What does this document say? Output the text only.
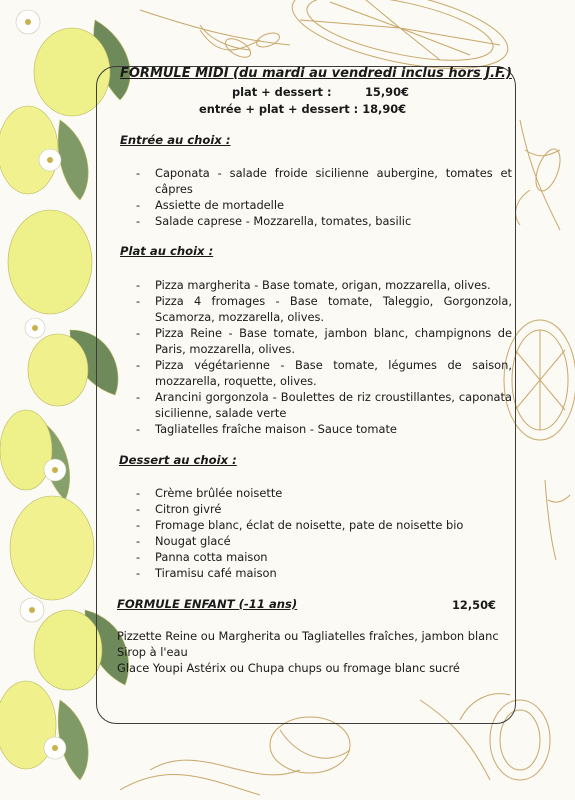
FORMULE MIDI (du mardi au vendredi inclus hors J.F.)
plat + dessert :	15,90€
entrée + plat + dessert : 18,90€
Entrée au choix :
- Caponata - salade froide sicilienne aubergine, tomates et câpres
- Assiette de mortadelle
- Salade caprese - Mozzarella, tomates, basilic
Plat au choix :
- Pizza margherita - Base tomate, origan, mozzarella, olives.
- Pizza 4 fromages - Base tomate, Taleggio, Gorgonzola, Scamorza, mozzarella, olives.
- Pizza Reine - Base tomate, jambon blanc, champignons de Paris, mozzarella, olives.
- Pizza végétarienne - Base tomate, légumes de saison, mozzarella, roquette, olives.
- Arancini gorgonzola - Boulettes de riz croustillantes, caponata sicilienne, salade verte
- Tagliatelles fraîche maison - Sauce tomate
Dessert au choix :
- Crème brûlée noisette
- Citron givré
- Fromage blanc, éclat de noisette, pate de noisette bio
- Nougat glacé
- Panna cotta maison
- Tiramisu café maison
FORMULE ENFANT (-11 ans)	12,50€
Pizzette Reine ou Margherita ou Tagliatelles fraîches, jambon blanc
Sirop à l'eau
Glace Youpi Astérix ou Chupa chups ou fromage blanc sucré
